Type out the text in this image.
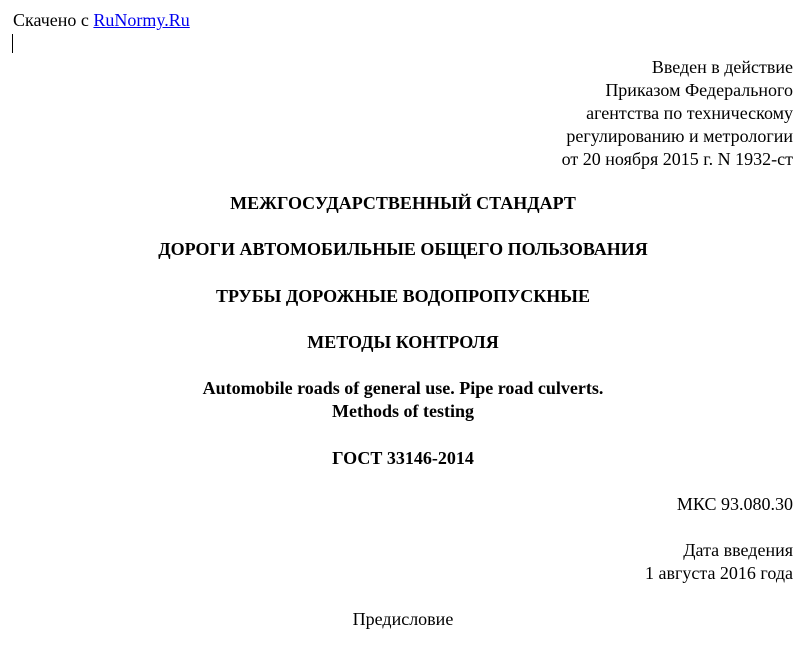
Скачено с RuNormy.Ru
Введен в действие
Приказом Федерального
агентства по техническому
регулированию и метрологии
от 20 ноября 2015 г. N 1932-ст
МЕЖГОСУДАРСТВЕННЫЙ СТАНДАРТ
ДОРОГИ АВТОМОБИЛЬНЫЕ ОБЩЕГО ПОЛЬЗОВАНИЯ
ТРУБЫ ДОРОЖНЫЕ ВОДОПРОПУСКНЫЕ
МЕТОДЫ КОНТРОЛЯ
Automobile roads of general use. Pipe road culverts.
Methods of testing
ГОСТ 33146-2014
МКС 93.080.30
Дата введения
1 августа 2016 года
Предисловие
